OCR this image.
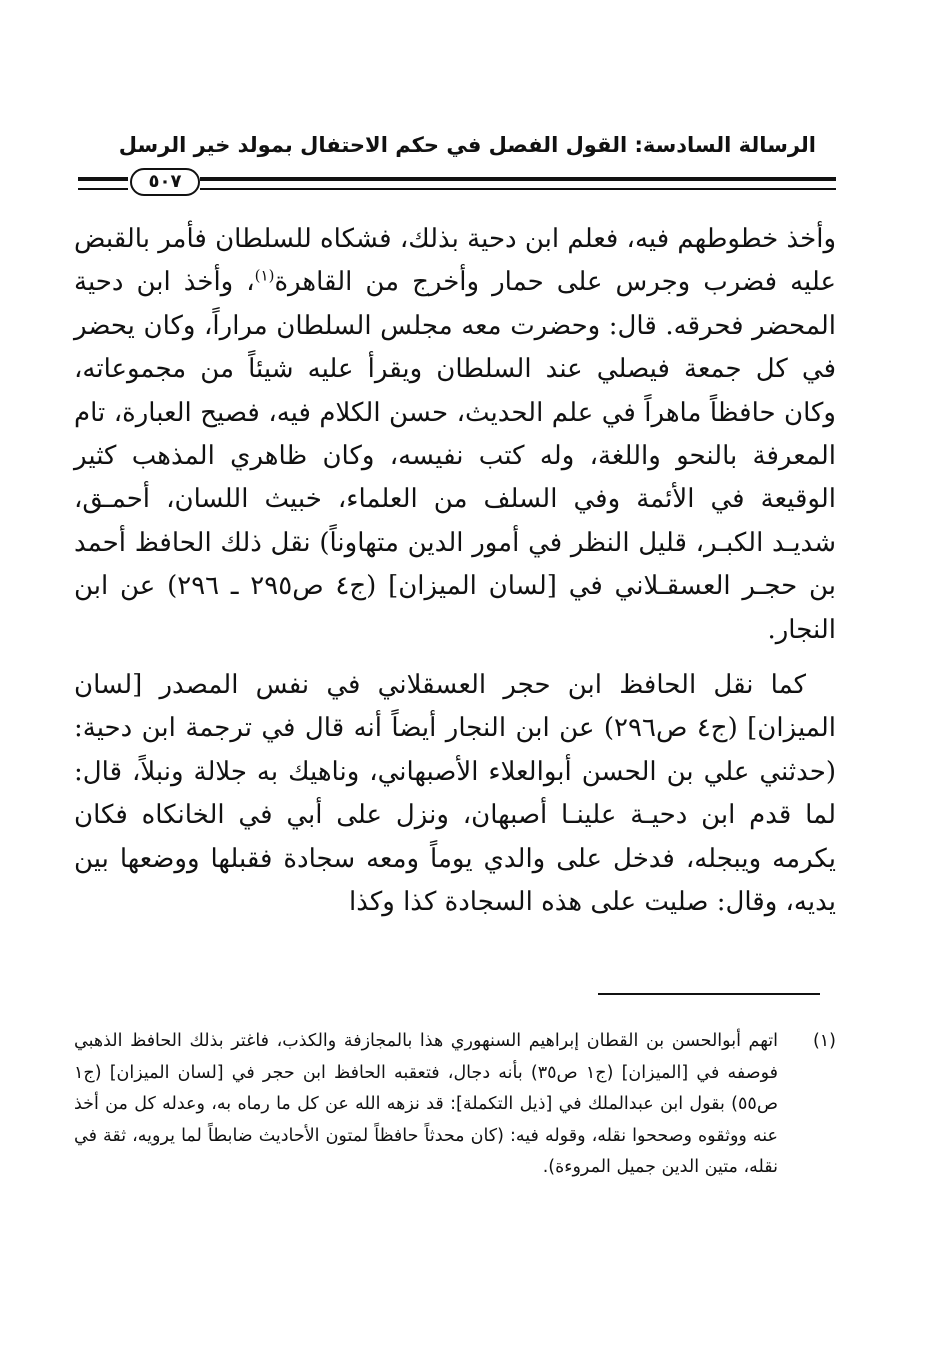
الرسالة السادسة: القول الفصل في حكم الاحتفال بمولد خير الرسل
٥٠٧

وأخذ خطوطهم فيه، فعلم ابن دحية بذلك، فشكاه للسلطان فأمر بالقبض عليه فضرب وجرس على حمار وأخرج من القاهرة$^{(١)}$، وأخذ ابن دحية المحضر فحرقه. قال: وحضرت معه مجلس السلطان مراراً، وكان يحضر في كل جمعة فيصلي عند السلطان ويقرأ عليه شيئاً من مجموعاته، وكان حافظاً ماهراً في علم الحديث، حسن الكلام فيه، فصيح العبارة، تام المعرفة بالنحو واللغة، وله كتب نفيسه، وكان ظاهري المذهب كثير الوقيعة في الأئمة وفي السلف من العلماء، خبيث اللسان، أحمـق، شديـد الكبـر، قليل النظر في أمور الدين متهاوناً) نقل ذلك الحافظ أحمد بن حجـر العسقـلاني في [لسان الميزان] (ج٤ ص٢٩٥ ـ ٢٩٦) عن ابن النجار.

كما نقل الحافظ ابن حجر العسقلاني في نفس المصدر [لسان الميزان] (ج٤ ص٢٩٦) عن ابن النجار أيضاً أنه قال في ترجمة ابن دحية: (حدثني علي بن الحسن أبوالعلاء الأصبهاني، وناهيك به جلالة ونبلاً، قال: لما قدم ابن دحيـة علينـا أصبهان، ونزل على أبي في الخانكاه فكان يكرمه ويبجله، فدخل على والدي يوماً ومعه سجادة فقبلها ووضعها بين يديه، وقال: صليت على هذه السجادة كذا وكذا

(١)
اتهم أبوالحسن بن القطان إبراهيم السنهوري هذا بالمجازفة والكذب، فاغتر بذلك الحافظ الذهبي فوصفه في [الميزان] (ج١ ص٣٥) بأنه دجال، فتعقبه الحافظ ابن حجر في [لسان الميزان] (ج١ ص٥٥) بقول ابن عبدالملك في [ذيل التكملة]: قد نزهه الله عن كل ما رماه به، وعدله كل من أخذ عنه ووثقوه وصححوا نقله، وقوله فيه: (كان محدثاً حافظاً لمتون الأحاديث ضابطاً لما يرويه، ثقة في نقله، متين الدين جميل المروءة).
